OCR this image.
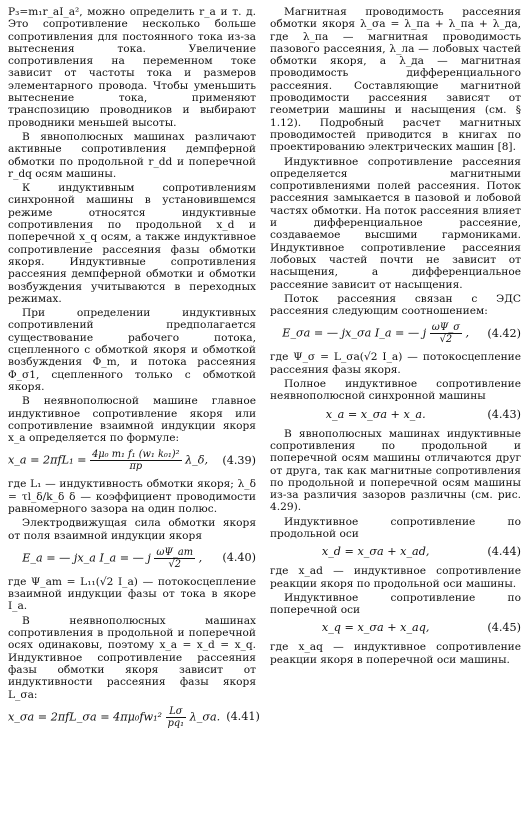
P₃=m₁r_aI_a², можно определить r_a и т. д. Это сопротивление несколько больше сопротивления для постоянного тока из-за вытеснения тока. Увеличение сопротивления на переменном токе зависит от частоты тока и размеров элементарного провода. Чтобы уменьшить вытеснение тока, применяют транспозицию проводников и выбирают проводники меньшей высоты.

В явнополюсных машинах различают активные сопротивления демпферной обмотки по продольной r_dd и поперечной r_dq осям машины.

К индуктивным сопротивлениям синхронной машины в установившемся режиме относятся индуктивные сопротивления по продольной x_d и поперечной x_q осям, а также индуктивное сопротивление рассеяния фазы обмотки якоря. Индуктивные сопротивления рассеяния демпферной обмотки и обмотки возбуждения учитываются в переходных режимах.

При определении индуктивных сопротивлений предполагается существование рабочего потока, сцепленного с обмоткой якоря и обмоткой возбуждения Φ_m, и потока рассеяния Φ_σ1, сцепленного только с обмоткой якоря.

В неявнополюсной машине главное индуктивное сопротивление якоря или сопротивление взаимной индукции якоря x_a определяется по формуле:

x_a = $2\pi fL_1 = \frac{\text{4μ₀ m₁ f₁ (w₁ k₀₁)²}}{\pi p}$ λ_δ,	(4.39)

где L₁ — индуктивность обмотки якоря; λ_δ = τl_δ/k_δ δ — коэффициент проводимости равномерного зазора на один полюс.

Электродвижущая сила обмотки якоря от поля взаимной индукции якоря

E_a = — jx_a I_a = — j $\frac{\omega\Psi\_am}{√2}$ ,	(4.40)

где Ψ_am = L₁₁(√2 I_a) — потокосцепление взаимной индукции фазы от тока в якоре I_a.

В неявнополюсных машинах сопротивления в продольной и поперечной осях одинаковы, поэтому x_a = x_d = x_q. Индуктивное сопротивление рассеяния фазы обмотки якоря зависит от индуктивности рассеяния фазы якоря L_σa:

x_σa = 2πfL_σa = $4\pi\mu_0fw_1^2 \frac{L\sigma}{\text{pq₁}}$ λ_σa. (4.41)

Магнитная проводимость рассеяния обмотки якоря λ_σa = λ_па + λ_па + λ_да, где λ_па — магнитная проводимость пазового рассеяния, λ_ла — лобовых частей обмотки якоря, а λ_да — магнитная проводимость дифференциального рассеяния. Составляющие магнитной проводимости рассеяния зависят от геометрии машины и насыщения (см. § 1.12). Подробный расчет магнитных проводимостей приводится в книгах по проектированию электрических машин [8].

Индуктивное сопротивление рассеяния определяется магнитными сопротивлениями полей рассеяния. Поток рассеяния замыкается в пазовой и лобовой частях обмотки. На поток рассеяния влияет и дифференциальное рассеяние, создаваемое высшими гармониками. Индуктивное сопротивление рассеяния лобовых частей почти не зависит от насыщения, а дифференциальное рассеяние зависит от насыщения.

Поток рассеяния связан с ЭДС рассеяния следующим соотношением:

E_σa = — jx_σa I_a = — j $\frac{\omega\Psi\_\sigma}{√2}$ ,	(4.42)

где Ψ_σ = L_σa(√2 I_a) — потокосцепление рассеяния фазы якоря.

Полное индуктивное сопротивление неявнополюсной синхронной машины

x_a = x_σa + x_a.	(4.43)

В явнополюсных машинах индуктивные сопротивления по продольной и поперечной осям машины отличаются друг от друга, так как магнитные сопротивления по продольной и поперечной осям машины из-за различия зазоров различны (см. рис. 4.29).

Индуктивное сопротивление по продольной оси

x_d = x_σa + x_ad,	(4.44)

где x_ad — индуктивное сопротивление реакции якоря по продольной оси машины.

Индуктивное сопротивление по поперечной оси

x_q = x_σa + x_aq,	(4.45)

где x_aq — индуктивное сопротивление реакции якоря в поперечной оси машины.
